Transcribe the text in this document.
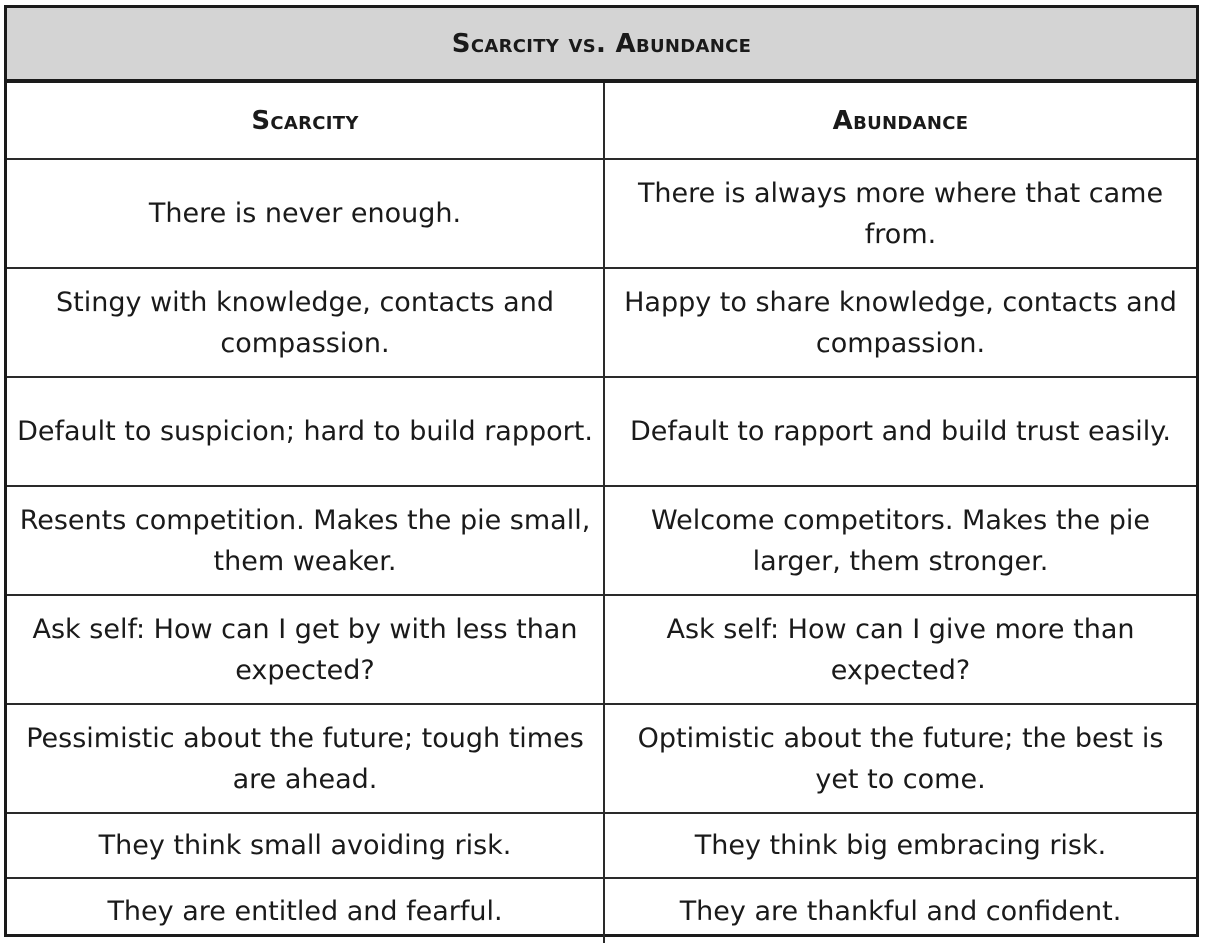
Scarcity vs. Abundance
Scarcity	Abundance
There is never enough.	There is always more where that came from.
Stingy with knowledge, contacts and compassion.	Happy to share knowledge, contacts and compassion.
Default to suspicion; hard to build rapport.	Default to rapport and build trust easily.
Resents competition. Makes the pie small, them weaker.	Welcome competitors. Makes the pie larger, them stronger.
Ask self: How can I get by with less than expected?	Ask self: How can I give more than expected?
Pessimistic about the future; tough times are ahead.	Optimistic about the future; the best is yet to come.
They think small avoiding risk.	They think big embracing risk.
They are entitled and fearful.	They are thankful and confident.
